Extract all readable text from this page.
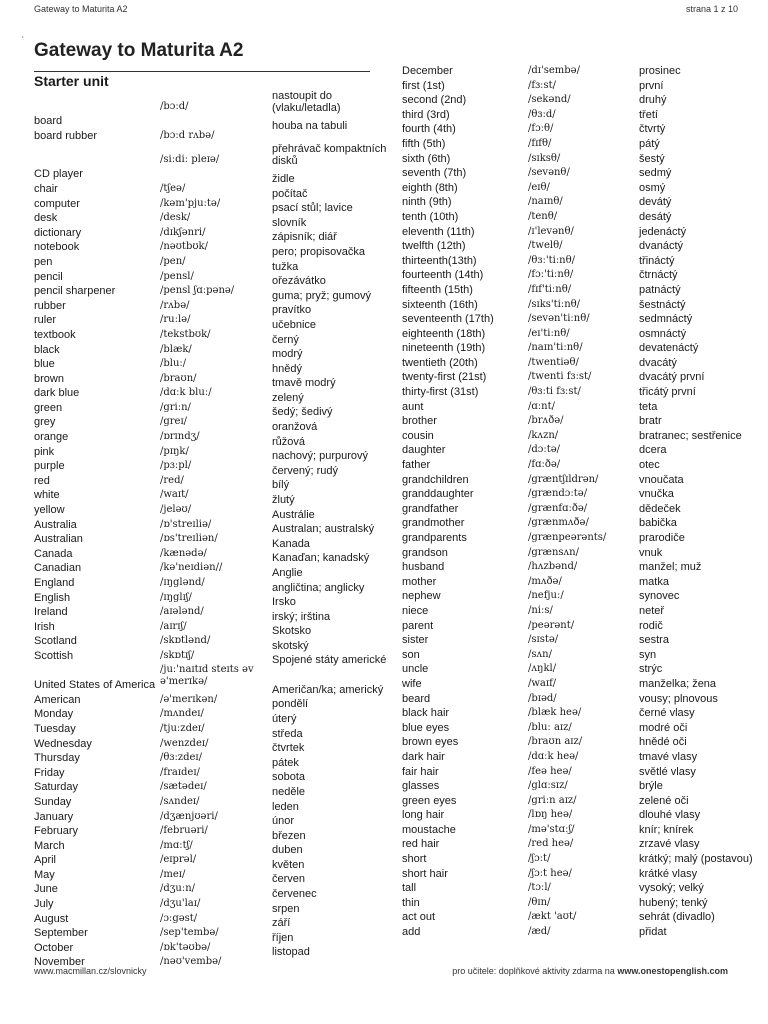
Gateway to Maturita A2	strana 1 z 10
‘
Gateway to Maturita A2
Starter unit
board
board rubber
CD player
chair
computer
desk
dictionary
notebook
pen
pencil
pencil sharpener
rubber
ruler
textbook
black
blue
brown
dark blue
green
grey
orange
pink
purple
red
white
yellow
Australia
Australian
Canada
Canadian
England
English
Ireland
Irish
Scotland
Scottish
United States of America
American
Monday
Tuesday
Wednesday
Thursday
Friday
Saturday
Sunday
January
February
March
April
May
June
July
August
September
October
November
/bɔːd/
/bɔːd rʌbə/
/siːdiː pleɪə/
/tʃeə/
/kəm'pjuːtə/
/desk/
/dɪkʃənri/
/nəʊtbʊk/
/pen/
/pensl/
/pensl ʃɑːpənə/
/rʌbə/
/ruːlə/
/tekstbʊk/
/blæk/
/bluː/
/braʊn/
/dɑːk bluː/
/griːn/
/greɪ/
/ɒrɪndʒ/
/pɪŋk/
/pɜːpl/
/red/
/waɪt/
/jeləʊ/
/ɒ'streɪliə/
/ɒs'treɪliən/
/kænədə/
/kə'neɪdiən//
/ɪŋglənd/
/ɪŋglɪʃ/
/aɪələnd/
/aɪrɪʃ/
/skɒtlənd/
/skɒtɪʃ/
/juː'naɪtɪd steɪts əv ə'merɪkə/
/ə'merɪkən/
/mʌndeɪ/
/tjuːzdeɪ/
/wenzdeɪ/
/θɜːzdeɪ/
/fraɪdeɪ/
/sætədeɪ/
/sʌndeɪ/
/dʒænjʊəri/
/februəri/
/mɑːtʃ/
/eɪprəl/
/meɪ/
/dʒuːn/
/dʒu'laɪ/
/ɔːgəst/
/sep'tembə/
/ɒk'təʊbə/
/nəʊ'vembə/
nastoupit do (vlaku/letadla)
houba na tabuli
přehrávač kompaktních disků
židle
počítač
psací stůl; lavice
slovník
zápisník; diář
pero; propisovačka
tužka
ořezávátko
guma; pryž; gumový
pravítko
učebnice
černý
modrý
hnědý
tmavě modrý
zelený
šedý; šedivý
oranžová
růžová
nachový; purpurový
červený; rudý
bílý
žlutý
Austrálie
Australan; australský
Kanada
Kanaďan; kanadský
Anglie
angličtina; anglicky
Irsko
irský; irština
Skotsko
skotský
Spojené státy americké
Američan/ka; americký
pondělí
úterý
středa
čtvrtek
pátek
sobota
neděle
leden
únor
březen
duben
květen
červen
červenec
srpen
září
říjen
listopad
December
first (1st)
second (2nd)
third (3rd)
fourth (4th)
fifth (5th)
sixth (6th)
seventh (7th)
eighth (8th)
ninth (9th)
tenth (10th)
eleventh (11th)
twelfth (12th)
thirteenth(13th)
fourteenth (14th)
fifteenth (15th)
sixteenth (16th)
seventeenth (17th)
eighteenth (18th)
nineteenth (19th)
twentieth (20th)
twenty-first (21st)
thirty-first (31st)
aunt
brother
cousin
daughter
father
grandchildren
granddaughter
grandfather
grandmother
grandparents
grandson
husband
mother
nephew
niece
parent
sister
son
uncle
wife
beard
black hair
blue eyes
brown eyes
dark hair
fair hair
glasses
green eyes
long hair
moustache
red hair
short
short hair
tall
thin
act out
add
/dɪ'sembə/
/fɜːst/
/sekənd/
/θɜːd/
/fɔːθ/
/fɪfθ/
/sɪksθ/
/sevənθ/
/eɪθ/
/naɪnθ/
/tenθ/
/ɪ'levənθ/
/twelθ/
/θɜː'tiːnθ/
/fɔː'tiːnθ/
/fɪf'tiːnθ/
/sɪks'tiːnθ/
/sevən'tiːnθ/
/eɪ'tiːnθ/
/naɪn'tiːnθ/
/twentiəθ/
/twenti fɜːst/
/θɜːti fɜːst/
/ɑːnt/
/brʌðə/
/kʌzn/
/dɔːtə/
/fɑːðə/
/græntʃɪldrən/
/grændɔːtə/
/grænfɑːðə/
/grænmʌðə/
/grænpeərənts/
/grænsʌn/
/hʌzbənd/
/mʌðə/
/nefjuː/
/niːs/
/peərənt/
/sɪstə/
/sʌn/
/ʌŋkl/
/waɪf/
/bɪəd/
/blæk heə/
/bluː aɪz/
/braʊn aɪz/
/dɑːk heə/
/feə heə/
/glɑːsɪz/
/griːn aɪz/
/lɒŋ heə/
/mə'stɑːʃ/
/red heə/
/ʃɔːt/
/ʃɔːt heə/
/tɔːl/
/θɪn/
/ækt 'aʊt/
/æd/
prosinec
první
druhý
třetí
čtvrtý
pátý
šestý
sedmý
osmý
devátý
desátý
jedenáctý
dvanáctý
třináctý
čtrnáctý
patnáctý
šestnáctý
sedmnáctý
osmnáctý
devatenáctý
dvacátý
dvacátý první
třicátý první
teta
bratr
bratranec; sestřenice
dcera
otec
vnoučata
vnučka
dědeček
babička
prarodiče
vnuk
manžel; muž
matka
synovec
neteř
rodič
sestra
syn
strýc
manželka; žena
vousy; plnovous
černé vlasy
modré oči
hnědé oči
tmavé vlasy
světlé vlasy
brýle
zelené oči
dlouhé vlasy
knír; knírek
zrzavé vlasy
krátký; malý (postavou)
krátké vlasy
vysoký; velký
hubený; tenký
sehrát (divadlo)
přidat
www.macmillan.cz/slovnicky	pro učitele: doplňkové aktivity zdarma na www.onestopenglish.com
